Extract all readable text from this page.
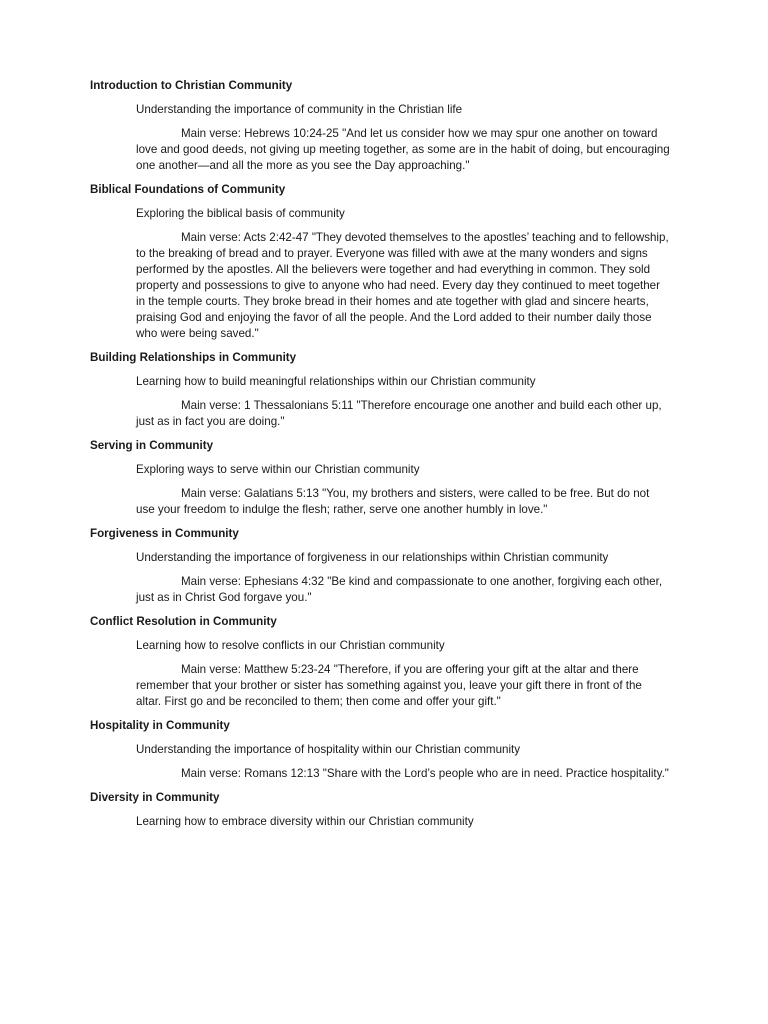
Introduction to Christian Community

Understanding the importance of community in the Christian life

Main verse: Hebrews 10:24-25 "And let us consider how we may spur one another on toward love and good deeds, not giving up meeting together, as some are in the habit of doing, but encouraging one another—and all the more as you see the Day approaching."

Biblical Foundations of Community

Exploring the biblical basis of community

Main verse: Acts 2:42-47 "They devoted themselves to the apostles’ teaching and to fellowship, to the breaking of bread and to prayer. Everyone was filled with awe at the many wonders and signs performed by the apostles. All the believers were together and had everything in common. They sold property and possessions to give to anyone who had need. Every day they continued to meet together in the temple courts. They broke bread in their homes and ate together with glad and sincere hearts, praising God and enjoying the favor of all the people. And the Lord added to their number daily those who were being saved."

Building Relationships in Community

Learning how to build meaningful relationships within our Christian community

Main verse: 1 Thessalonians 5:11 "Therefore encourage one another and build each other up, just as in fact you are doing."

Serving in Community

Exploring ways to serve within our Christian community

Main verse: Galatians 5:13 "You, my brothers and sisters, were called to be free. But do not use your freedom to indulge the flesh; rather, serve one another humbly in love."

Forgiveness in Community

Understanding the importance of forgiveness in our relationships within Christian community

Main verse: Ephesians 4:32 "Be kind and compassionate to one another, forgiving each other, just as in Christ God forgave you."

Conflict Resolution in Community

Learning how to resolve conflicts in our Christian community

Main verse: Matthew 5:23-24 "Therefore, if you are offering your gift at the altar and there remember that your brother or sister has something against you, leave your gift there in front of the altar. First go and be reconciled to them; then come and offer your gift."

Hospitality in Community

Understanding the importance of hospitality within our Christian community

Main verse: Romans 12:13 "Share with the Lord’s people who are in need. Practice hospitality."

Diversity in Community

Learning how to embrace diversity within our Christian community
